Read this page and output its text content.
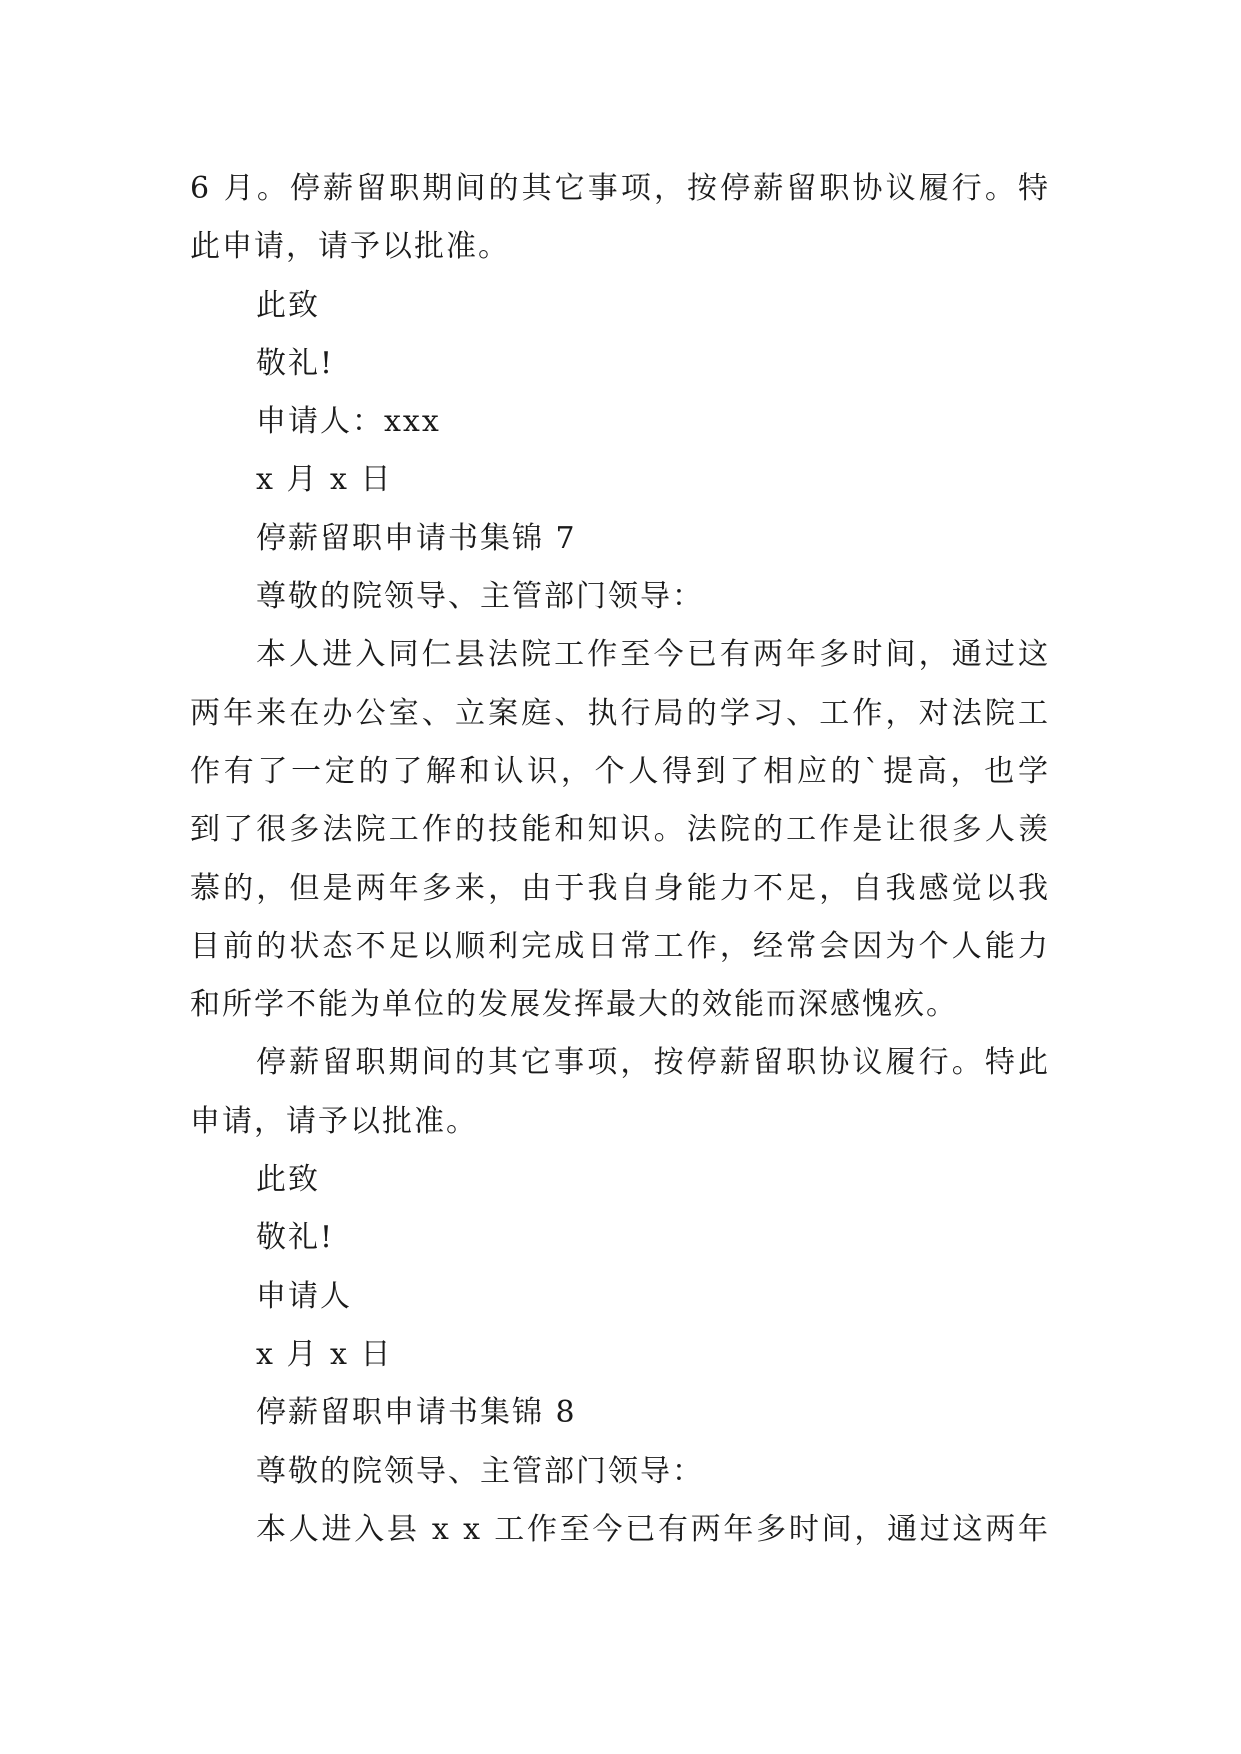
6 月。停薪留职期间的其它事项，按停薪留职协议履行。特
此申请，请予以批准。
此致
敬礼!
申请人：xxx
x 月 x 日
停薪留职申请书集锦 7
尊敬的院领导、主管部门领导：
本人进入同仁县法院工作至今已有两年多时间，通过这
两年来在办公室、立案庭、执行局的学习、工作，对法院工
作有了一定的了解和认识，个人得到了相应的`提高，也学
到了很多法院工作的技能和知识。法院的工作是让很多人羡
慕的，但是两年多来，由于我自身能力不足，自我感觉以我
目前的状态不足以顺利完成日常工作，经常会因为个人能力
和所学不能为单位的发展发挥最大的效能而深感愧疚。
停薪留职期间的其它事项，按停薪留职协议履行。特此
申请，请予以批准。
此致
敬礼!
申请人
x 月 x 日
停薪留职申请书集锦 8
尊敬的院领导、主管部门领导：
本人进入县 x x 工作至今已有两年多时间，通过这两年
